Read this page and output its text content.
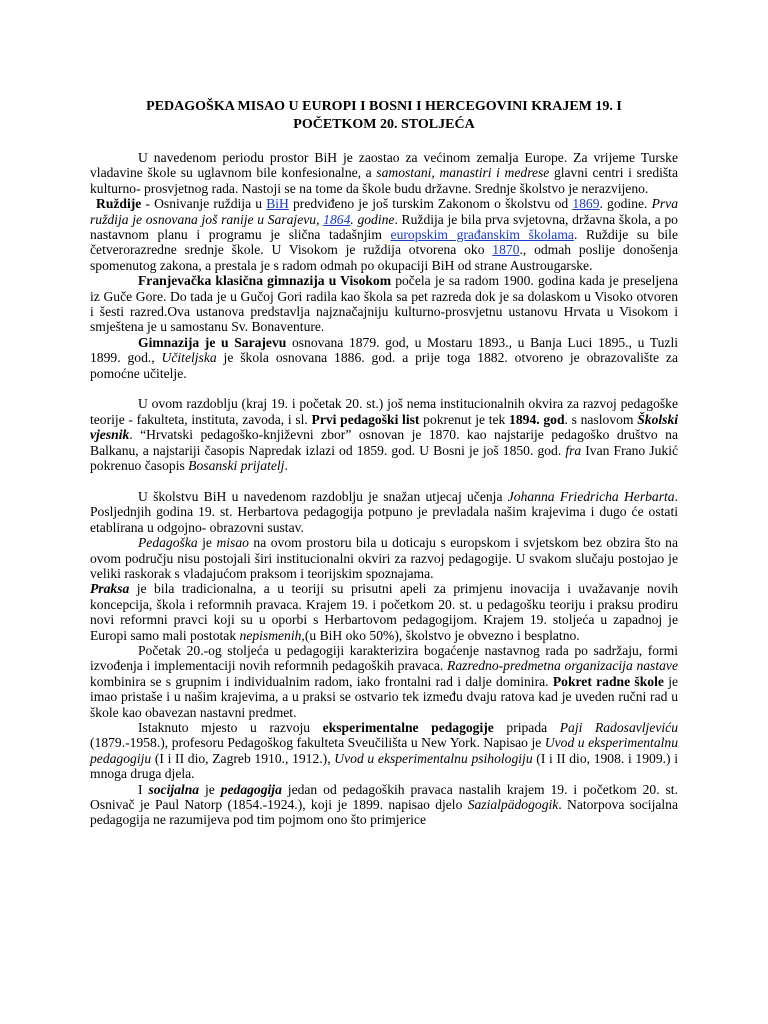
PEDAGOŠKA MISAO U EUROPI I BOSNI I HERCEGOVINI KRAJEM 19. I
POČETKOM 20. STOLJEĆA

U navedenom periodu prostor BiH je zaostao za većinom zemalja Europe. Za vrijeme Turske vladavine škole su uglavnom bile konfesionalne, a samostani, manastiri i medrese glavni centri i središta kulturno- prosvjetnog rada. Nastoji se na tome da škole budu državne. Srednje školstvo je nerazvijeno.

Ruždije - Osnivanje ruždija u BiH predviđeno je još turskim Zakonom o školstvu od 1869. godine. Prva ruždija je osnovana još ranije u Sarajevu, 1864. godine. Ruždija je bila prva svjetovna, državna škola, a po nastavnom planu i programu je slična tadašnjim europskim građanskim školama. Ruždije su bile četverorazredne srednje škole. U Visokom je ruždija otvorena oko 1870., odmah poslije donošenja spomenutog zakona, a prestala je s radom odmah po okupaciji BiH od strane Austrougarske.

Franjevačka klasična gimnazija u Visokom počela je sa radom 1900. godina kada je preseljena iz Guče Gore. Do tada je u Gučoj Gori radila kao škola sa pet razreda dok je sa dolaskom u Visoko otvoren i šesti razred.Ova ustanova predstavlja najznačajniju kulturno-prosvjetnu ustanovu Hrvata u Visokom i smještena je u samostanu Sv. Bonaventure.

Gimnazija je u Sarajevu osnovana 1879. god, u Mostaru 1893., u Banja Luci 1895., u Tuzli 1899. god., Učiteljska je škola osnovana 1886. god. a prije toga 1882. otvoreno je obrazovalište za pomoćne učitelje.

U ovom razdoblju (kraj 19. i početak 20. st.) još nema institucionalnih okvira za razvoj pedagoške teorije - fakulteta, instituta, zavoda, i sl. Prvi pedagoški list pokrenut je tek 1894. god. s naslovom Školski vjesnik. “Hrvatski pedagoško-književni zbor” osnovan je 1870. kao najstarije pedagoško društvo na Balkanu, a najstariji časopis Napredak izlazi od 1859. god. U Bosni je još 1850. god. fra Ivan Frano Jukić pokrenuo časopis Bosanski prijatelj.

U školstvu BiH u navedenom razdoblju je snažan utjecaj učenja Johanna Friedricha Herbarta. Posljednjih godina 19. st. Herbartova pedagogija potpuno je prevladala našim krajevima i dugo će ostati etablirana u odgojno- obrazovni sustav.

Pedagoška je misao na ovom prostoru bila u doticaju s europskom i svjetskom bez obzira što na ovom području nisu postojali širi institucionalni okviri za razvoj pedagogije. U svakom slučaju postojao je veliki raskorak s vladajućom praksom i teorijskim spoznajama.

Praksa je bila tradicionalna, a u teoriji su prisutni apeli za primjenu inovacija i uvažavanje novih koncepcija, škola i reformnih pravaca. Krajem 19. i početkom 20. st. u pedagošku teoriju i praksu prodiru novi reformni pravci koji su u oporbi s Herbartovom pedagogijom. Krajem 19. stoljeća u zapadnoj je Europi samo mali postotak nepismenih,(u BiH oko 50%), školstvo je obvezno i besplatno.

Početak 20.-og stoljeća u pedagogiji karakterizira bogaćenje nastavnog rada po sadržaju, formi izvođenja i implementaciji novih reformnih pedagoških pravaca. Razredno-predmetna organizacija nastave kombinira se s grupnim i individualnim radom, iako frontalni rad i dalje dominira. Pokret radne škole je imao pristaše i u našim krajevima, a u praksi se ostvario tek između dvaju ratova kad je uveden ručni rad u škole kao obavezan nastavni predmet.

Istaknuto mjesto u razvoju eksperimentalne pedagogije pripada Paji Radosavljeviću (1879.-1958.), profesoru Pedagoškog fakulteta Sveučilišta u New York. Napisao je Uvod u eksperimentalnu pedagogiju (I i II dio, Zagreb 1910., 1912.), Uvod u eksperimentalnu psihologiju (I i II dio, 1908. i 1909.) i mnoga druga djela.

I socijalna je pedagogija jedan od pedagoških pravaca nastalih krajem 19. i početkom 20. st. Osnivač je Paul Natorp (1854.-1924.), koji je 1899. napisao djelo Sazialpädogogik. Natorpova socijalna pedagogija ne razumijeva pod tim pojmom ono što primjerice
